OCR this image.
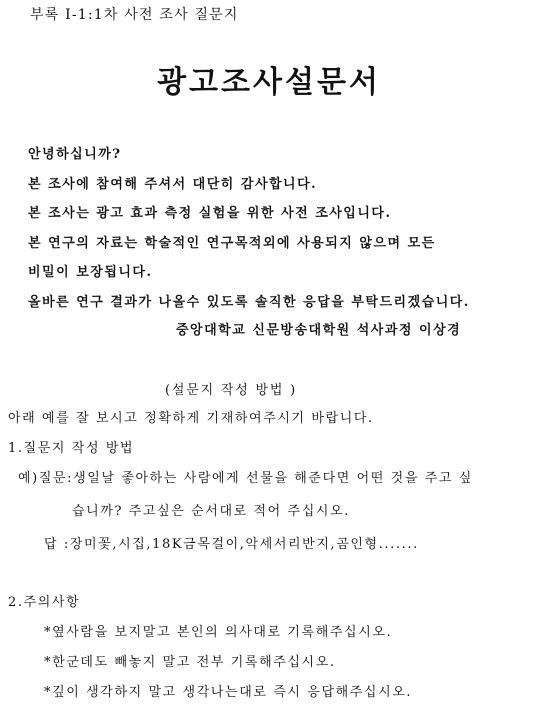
부록 I-1:1차 사전 조사 질문지
광고조사설문서
안녕하십니까?
본 조사에 참여해 주셔서 대단히 감사합니다.
본 조사는 광고 효과 측정 실험을 위한 사전 조사입니다.
본 연구의 자료는 학술적인 연구목적외에 사용되지 않으며 모든
비밀이 보장됩니다.
올바른 연구 결과가 나올수 있도록 솔직한 응답을 부탁드리겠습니다.
중앙대학교 신문방송대학원 석사과정 이상경
(설문지 작성 방법 )
아래 예를 잘 보시고 정확하게 기재하여주시기 바랍니다.
1.질문지 작성 방법
예)질문:생일날 좋아하는 사람에게 선물을 해준다면 어떤 것을 주고 싶
습니까? 주고싶은 순서대로 적어 주십시오.
답 :장미꽃,시집,18K금목걸이,악세서리반지,곰인형.......
2.주의사항
*옆사람을 보지말고 본인의 의사대로 기록해주십시오.
*한군데도 빼놓지 말고 전부 기록해주십시오.
*깊이 생각하지 말고 생각나는대로 즉시 응답해주십시오.
